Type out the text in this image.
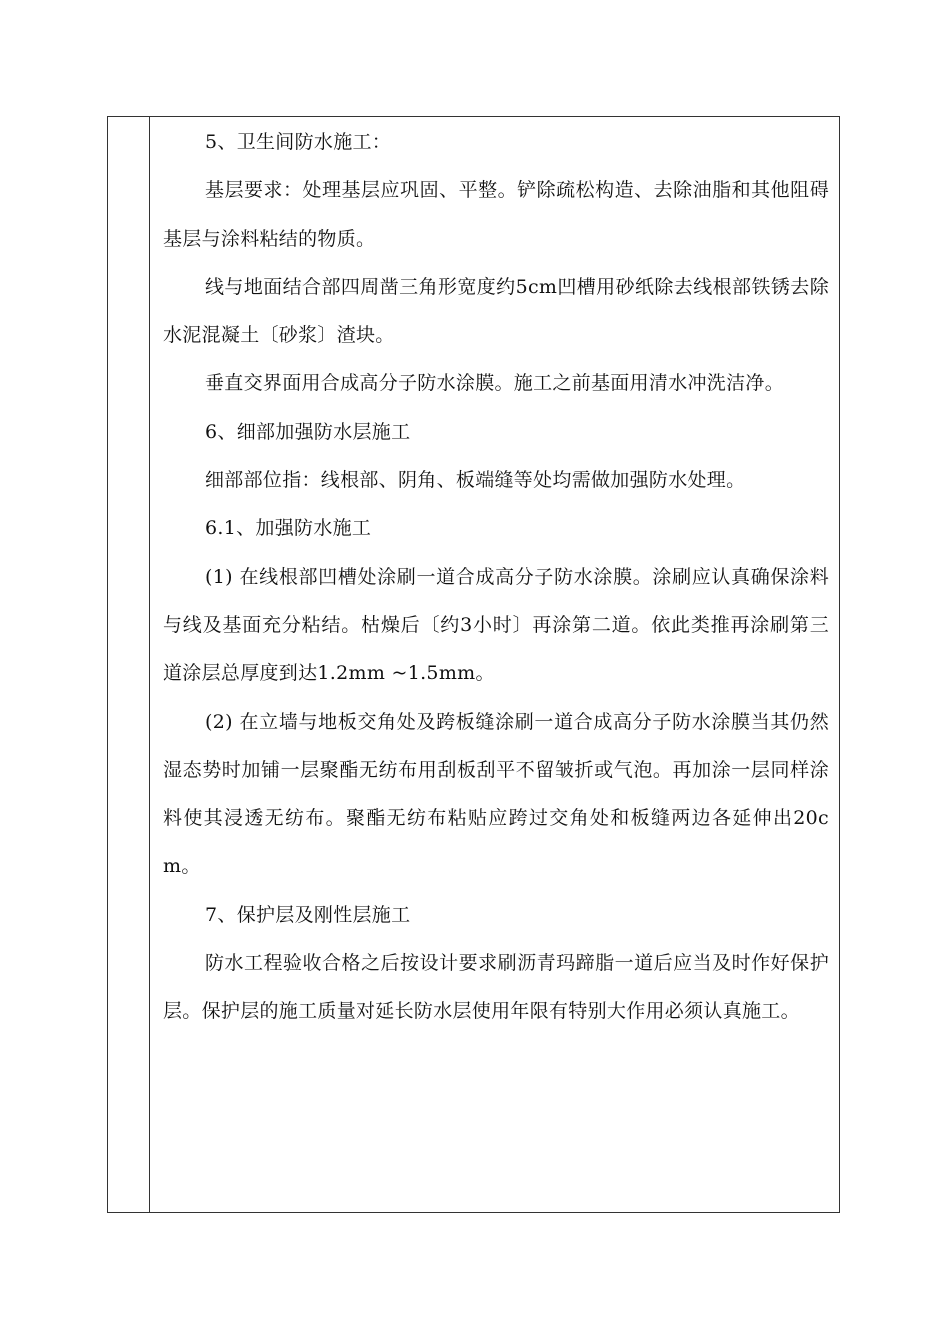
5、卫生间防水施工：

基层要求：处理基层应巩固、平整。铲除疏松构造、去除油脂和其他阻碍基层与涂料粘结的物质。

线与地面结合部四周凿三角形宽度约5cm凹槽用砂纸除去线根部铁锈去除水泥混凝土〔砂浆〕渣块。

垂直交界面用合成高分子防水涂膜。施工之前基面用清水冲洗洁净。

6、细部加强防水层施工

细部部位指：线根部、阴角、板端缝等处均需做加强防水处理。

6.1、加强防水施工

(1) 在线根部凹槽处涂刷一道合成高分子防水涂膜。涂刷应认真确保涂料与线及基面充分粘结。枯燥后〔约3小时〕再涂第二道。依此类推再涂刷第三道涂层总厚度到达1.2mm ~1.5mm。

(2) 在立墙与地板交角处及跨板缝涂刷一道合成高分子防水涂膜当其仍然湿态势时加铺一层聚酯无纺布用刮板刮平不留皱折或气泡。再加涂一层同样涂料使其浸透无纺布。聚酯无纺布粘贴应跨过交角处和板缝两边各延伸出20cm。

7、保护层及刚性层施工

防水工程验收合格之后按设计要求刷沥青玛蹄脂一道后应当及时作好保护层。保护层的施工质量对延长防水层使用年限有特别大作用必须认真施工。
